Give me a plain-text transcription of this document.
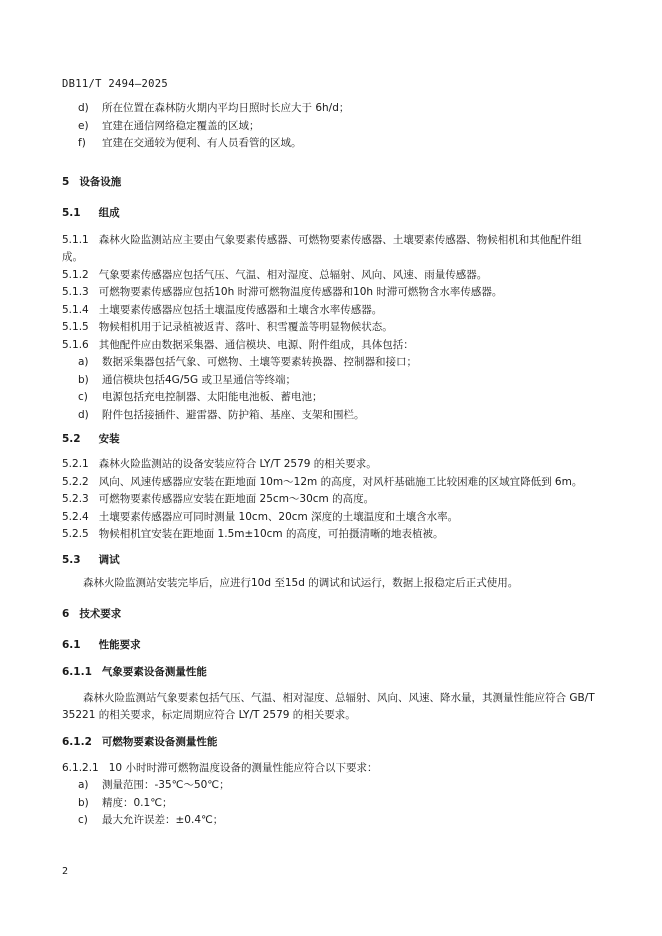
DB11/T 2494—2025
d)	所在位置在森林防火期内平均日照时长应大于 6h/d；
e)	宜建在通信网络稳定覆盖的区域；
f)	宜建在交通较为便利、有人员看管的区域。
5 设备设施
5.1 组成

5.1.1 森林火险监测站应主要由气象要素传感器、可燃物要素传感器、土壤要素传感器、物候相机和其他配件组成。

5.1.2 气象要素传感器应包括气压、气温、相对湿度、总辐射、风向、风速、雨量传感器。

5.1.3 可燃物要素传感器应包括10h 时滞可燃物温度传感器和10h 时滞可燃物含水率传感器。

5.1.4 土壤要素传感器应包括土壤温度传感器和土壤含水率传感器。

5.1.5 物候相机用于记录植被返青、落叶、积雪覆盖等明显物候状态。

5.1.6 其他配件应由数据采集器、通信模块、电源、附件组成，具体包括：

a)	数据采集器包括气象、可燃物、土壤等要素转换器、控制器和接口；
b)	通信模块包括4G/5G 或卫星通信等终端；
c)	电源包括充电控制器、太阳能电池板、蓄电池；
d)	附件包括接插件、避雷器、防护箱、基座、支架和围栏。
5.2 安装

5.2.1 森林火险监测站的设备安装应符合 LY/T 2579 的相关要求。

5.2.2 风向、风速传感器应安装在距地面 10m～12m 的高度，对风杆基础施工比较困难的区域宜降低到 6m。

5.2.3 可燃物要素传感器应安装在距地面 25cm～30cm 的高度。

5.2.4 土壤要素传感器应可同时测量 10cm、20cm 深度的土壤温度和土壤含水率。

5.2.5 物候相机宜安装在距地面 1.5m±10cm 的高度，可拍摄清晰的地表植被。

5.3 调试

森林火险监测站安装完毕后，应进行10d 至15d 的调试和试运行，数据上报稳定后正式使用。

6 技术要求
6.1 性能要求
6.1.1 气象要素设备测量性能

森林火险监测站气象要素包括气压、气温、相对湿度、总辐射、风向、风速、降水量，其测量性能应符合 GB/T 35221 的相关要求，标定周期应符合 LY/T 2579 的相关要求。

6.1.2 可燃物要素设备测量性能

6.1.2.1 10 小时时滞可燃物温度设备的测量性能应符合以下要求：

a)	测量范围：-35℃～50℃；
b)	精度：0.1℃；
c)	最大允许误差：±0.4℃；
2
